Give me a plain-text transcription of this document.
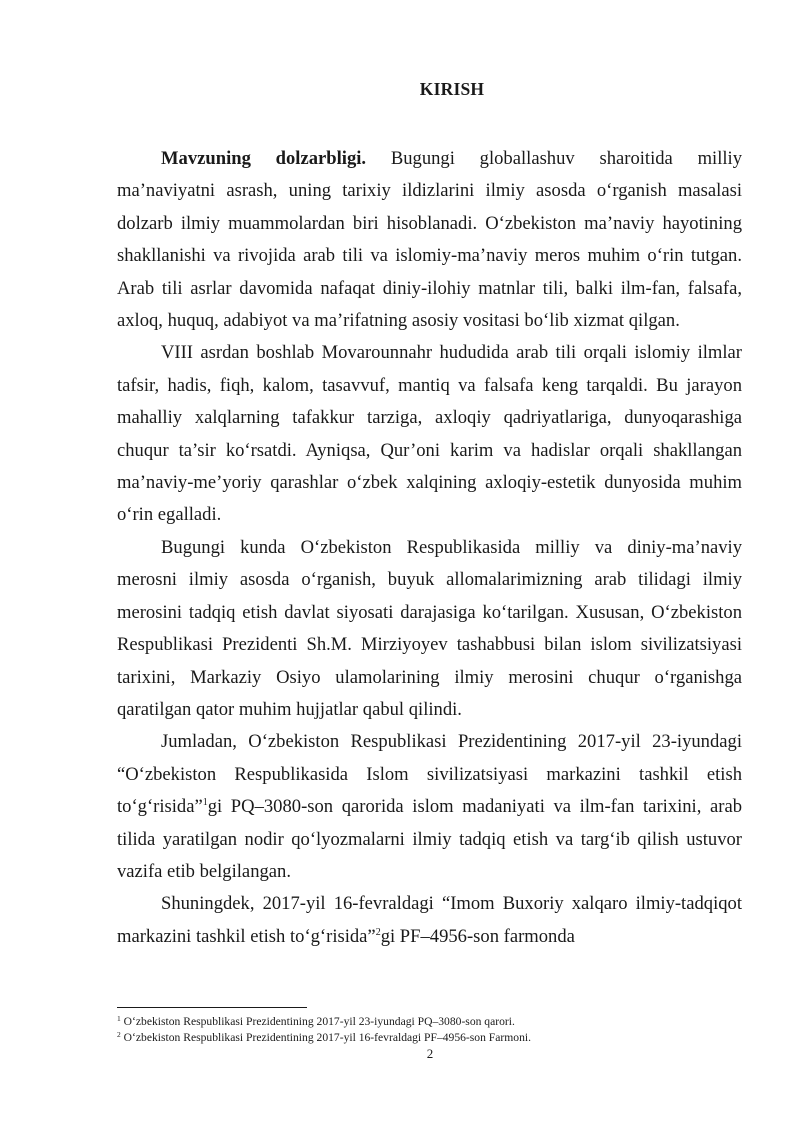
KIRISH

Mavzuning dolzarbligi. Bugungi globallashuv sharoitida milliy ma’naviyatni asrash, uning tarixiy ildizlarini ilmiy asosda o‘rganish masalasi dolzarb ilmiy muammolardan biri hisoblanadi. O‘zbekiston ma’naviy hayotining shakllanishi va rivojida arab tili va islomiy-ma’naviy meros muhim o‘rin tutgan. Arab tili asrlar davomida nafaqat diniy-ilohiy matnlar tili, balki ilm-fan, falsafa, axloq, huquq, adabiyot va ma’rifatning asosiy vositasi bo‘lib xizmat qilgan.

VIII asrdan boshlab Movarounnahr hududida arab tili orqali islomiy ilmlar tafsir, hadis, fiqh, kalom, tasavvuf, mantiq va falsafa keng tarqaldi. Bu jarayon mahalliy xalqlarning tafakkur tarziga, axloqiy qadriyatlariga, dunyoqarashiga chuqur ta’sir ko‘rsatdi. Ayniqsa, Qur’oni karim va hadislar orqali shakllangan ma’naviy-me’yoriy qarashlar o‘zbek xalqining axloqiy-estetik dunyosida muhim o‘rin egalladi.

Bugungi kunda O‘zbekiston Respublikasida milliy va diniy-ma’naviy merosni ilmiy asosda o‘rganish, buyuk allomalarimizning arab tilidagi ilmiy merosini tadqiq etish davlat siyosati darajasiga ko‘tarilgan. Xususan, O‘zbekiston Respublikasi Prezidenti Sh.M. Mirziyoyev tashabbusi bilan islom sivilizatsiyasi tarixini, Markaziy Osiyo ulamolarining ilmiy merosini chuqur o‘rganishga qaratilgan qator muhim hujjatlar qabul qilindi.

Jumladan, O‘zbekiston Respublikasi Prezidentining 2017-yil 23-iyundagi “O‘zbekiston Respublikasida Islom sivilizatsiyasi markazini tashkil etish to‘g‘risida”$^1$gi PQ–3080-son qarorida islom madaniyati va ilm-fan tarixini, arab tilida yaratilgan nodir qo‘lyozmalarni ilmiy tadqiq etish va targ‘ib qilish ustuvor vazifa etib belgilangan.

Shuningdek, 2017-yil 16-fevraldagi “Imom Buxoriy xalqaro ilmiy-tadqiqot markazini tashkil etish to‘g‘risida”$^2$gi PF–4956-son farmonda

$^1$ O‘zbekiston Respublikasi Prezidentining 2017-yil 23-iyundagi PQ–3080-son qarori.

$^2$ O‘zbekiston Respublikasi Prezidentining 2017-yil 16-fevraldagi PF–4956-son Farmoni.

2
